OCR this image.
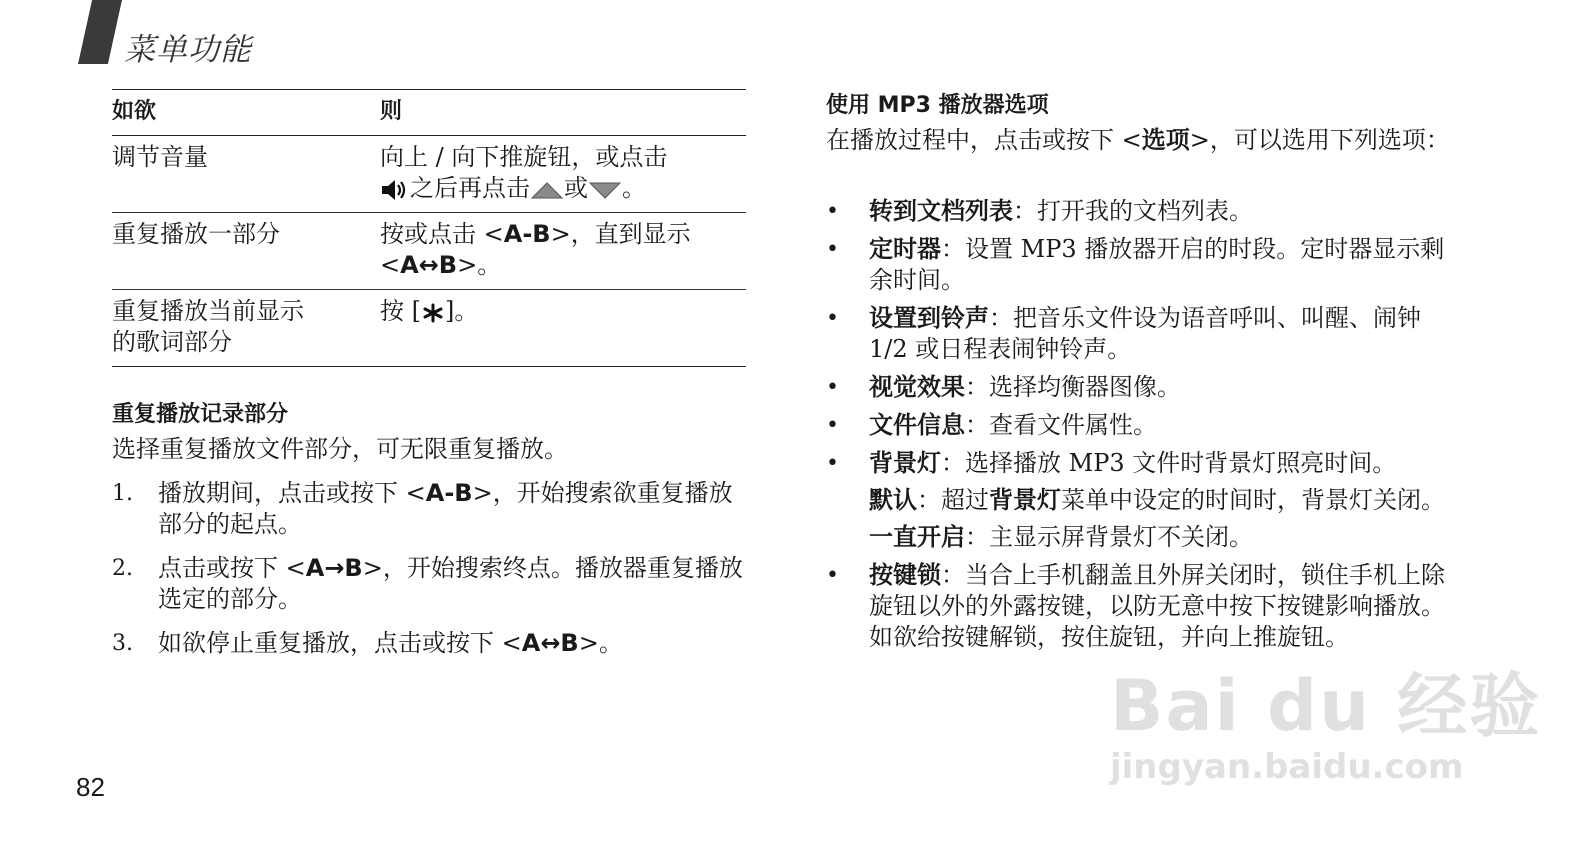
菜单功能
如欲	则
调节音量	向上 / 向下推旋钮，或点击
之后再点击 或 。
重复播放一部分	按或点击 <A-B>，直到显示
<A↔B>。
重复播放当前显示
的歌词部分	按 [ ]。
重复播放记录部分
选择重复播放文件部分，可无限重复播放。
1. 播放期间，点击或按下 <A-B>，开始搜索欲重复播放部分的起点。
2. 点击或按下 <A→B>，开始搜索终点。播放器重复播放选定的部分。
3. 如欲停止重复播放，点击或按下 <A↔B>。
82
使用 MP3 播放器选项
在播放过程中，点击或按下 <选项>，可以选用下列选项：
• 转到文档列表：打开我的文档列表。
• 定时器：设置 MP3 播放器开启的时段。定时器显示剩余时间。
• 设置到铃声：把音乐文件设为语音呼叫、叫醒、闹钟 1/2 或日程表闹钟铃声。
• 视觉效果：选择均衡器图像。
• 文件信息：查看文件属性。
• 背景灯：选择播放 MP3 文件时背景灯照亮时间。
默认：超过背景灯菜单中设定的时间时，背景灯关闭。
一直开启：主显示屏背景灯不关闭。
• 按键锁：当合上手机翻盖且外屏关闭时，锁住手机上除旋钮以外的外露按键，以防无意中按下按键影响播放。如欲给按键解锁，按住旋钮，并向上推旋钮。
Bai du 经验
jingyan.baidu.com
